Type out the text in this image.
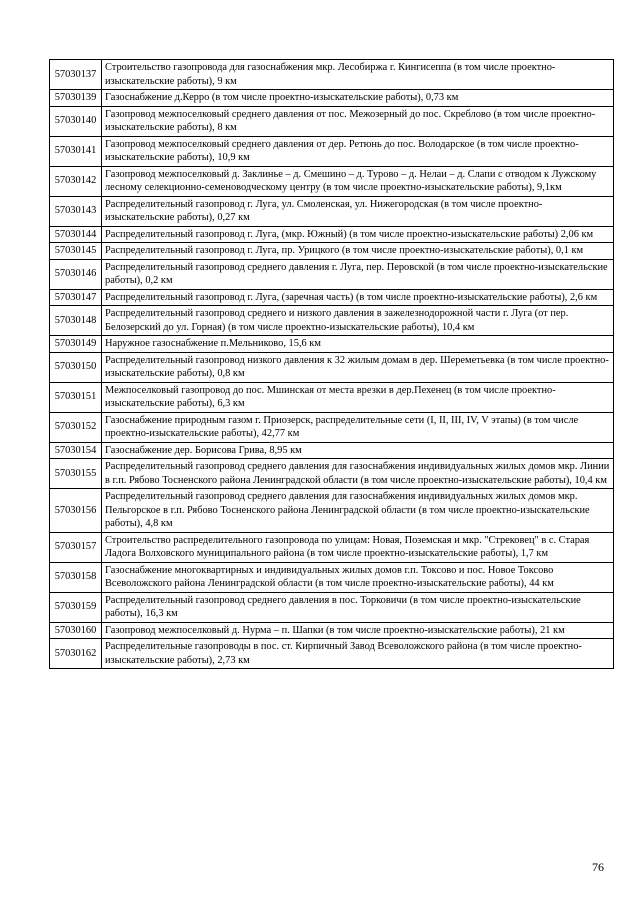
57030137	Строительство газопровода для газоснабжения мкр. Лесобиржа г. Кингисеппа (в том числе проектно-изыскательские работы), 9 км
57030139	Газоснабжение д.Керро (в том числе проектно-изыскательские работы), 0,73 км
57030140	Газопровод межпоселковый среднего давления от пос. Межозерный до пос. Скреблово (в том числе проектно-изыскательские работы), 8 км
57030141	Газопровод межпоселковый среднего давления от дер. Ретюнь до пос. Володарское (в том числе проектно-изыскательские работы), 10,9 км
57030142	Газопровод межпоселковый д. Заклинье – д. Смешино – д. Турово – д. Нелаи – д. Слапи с отводом к Лужскому лесному селекционно-семеноводческому центру (в том числе проектно-изыскательские работы), 9,1км
57030143	Распределительный газопровод г. Луга, ул. Смоленская, ул. Нижегородская (в том числе проектно-изыскательские работы), 0,27 км
57030144	Распределительный газопровод г. Луга, (мкр. Южный) (в том числе проектно-изыскательские работы) 2,06 км
57030145	Распределительный газопровод г. Луга, пр. Урицкого (в том числе проектно-изыскательские работы), 0,1 км
57030146	Распределительный газопровод среднего давления г. Луга, пер. Перовской (в том числе проектно-изыскательские работы), 0,2 км
57030147	Распределительный газопровод г. Луга, (заречная часть) (в том числе проектно-изыскательские работы), 2,6 км
57030148	Распределительный газопровод среднего и низкого давления в зажелезнодорожной части г. Луга (от пер. Белозерский до ул. Горная) (в том числе проектно-изыскательские работы), 10,4 км
57030149	Наружное газоснабжение п.Мельниково, 15,6 км
57030150	Распределительный газопровод низкого давления к 32 жилым домам в дер. Шереметьевка (в том числе проектно-изыскательские работы), 0,8 км
57030151	Межпоселковый газопровод до пос. Мшинская от места врезки в дер.Пехенец (в том числе проектно-изыскательские работы), 6,3 км
57030152	Газоснабжение природным газом г. Приозерск, распределительные сети (I, II, III, IV, V этапы) (в том числе проектно-изыскательские работы), 42,77 км
57030154	Газоснабжение дер. Борисова Грива, 8,95 км
57030155	Распределительный газопровод среднего давления для газоснабжения индивидуальных жилых домов мкр. Линии в г.п. Рябово Тосненского района Ленинградской области (в том числе проектно-изыскательские работы), 10,4 км
57030156	Распределительный газопровод среднего давления для газоснабжения индивидуальных жилых домов мкр. Пельгорское в г.п. Рябово Тосненского района Ленинградской области (в том числе проектно-изыскательские работы), 4,8 км
57030157	Строительство распределительного газопровода по улицам: Новая, Поземская и мкр. "Стрековец" в с. Старая Ладога Волховского муниципального района (в том числе проектно-изыскательские работы), 1,7 км
57030158	Газоснабжение многоквартирных и индивидуальных жилых домов г.п. Токсово и пос. Новое Токсово Всеволожского района Ленинградской области (в том числе проектно-изыскательские работы), 44 км
57030159	Распределительный газопровод среднего давления в пос. Торковичи (в том числе проектно-изыскательские работы), 16,3 км
57030160	Газопровод межпоселковый д. Нурма – п. Шапки (в том числе проектно-изыскательские работы), 21 км
57030162	Распределительные газопроводы в пос. ст. Кирпичный Завод Всеволожского района (в том числе проектно-изыскательские работы), 2,73 км
76
